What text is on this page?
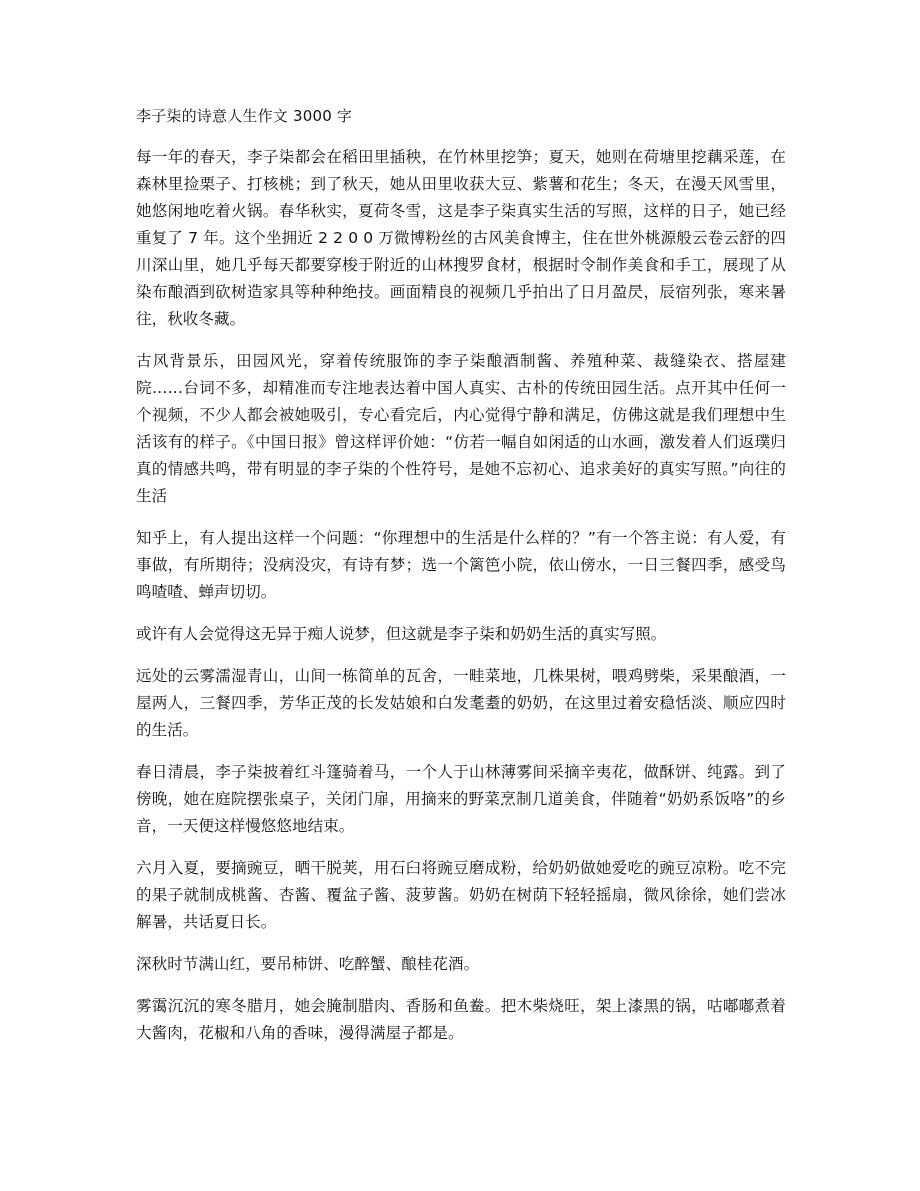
李子柒的诗意人生作文 3000 字

每一年的春天，李子柒都会在稻田里插秧，在竹林里挖笋；夏天，她则在荷塘里挖藕采莲，在森林里捡栗子、打核桃；到了秋天，她从田里收获大豆、紫薯和花生；冬天，在漫天风雪里，她悠闲地吃着火锅。春华秋实，夏荷冬雪，这是李子柒真实生活的写照，这样的日子，她已经重复了 7 年。这个坐拥近 2 2 0 0 万微博粉丝的古风美食博主，住在世外桃源般云卷云舒的四川深山里，她几乎每天都要穿梭于附近的山林搜罗食材，根据时令制作美食和手工，展现了从染布酿酒到砍树造家具等种种绝技。画面精良的视频几乎拍出了日月盈昃，辰宿列张，寒来暑往，秋收冬藏。

古风背景乐，田园风光，穿着传统服饰的李子柒酿酒制酱、养殖种菜、裁缝染衣、搭屋建院……台词不多，却精准而专注地表达着中国人真实、古朴的传统田园生活。点开其中任何一个视频，不少人都会被她吸引，专心看完后，内心觉得宁静和满足，仿佛这就是我们理想中生活该有的样子。《中国日报》曾这样评价她：“仿若一幅自如闲适的山水画，激发着人们返璞归真的情感共鸣，带有明显的李子柒的个性符号，是她不忘初心、追求美好的真实写照。”向往的生活

知乎上，有人提出这样一个问题：“你理想中的生活是什么样的？”有一个答主说：有人爱，有事做，有所期待；没病没灾，有诗有梦；选一个篱笆小院，依山傍水，一日三餐四季，感受鸟鸣喳喳、蝉声切切。

或许有人会觉得这无异于痴人说梦，但这就是李子柒和奶奶生活的真实写照。

远处的云雾濡湿青山，山间一栋简单的瓦舍，一畦菜地，几株果树，喂鸡劈柴，采果酿酒，一屋两人，三餐四季，芳华正茂的长发姑娘和白发耄耋的奶奶，在这里过着安稳恬淡、顺应四时的生活。

春日清晨，李子柒披着红斗篷骑着马，一个人于山林薄雾间采摘辛夷花，做酥饼、纯露。到了傍晚，她在庭院摆张桌子，关闭门扉，用摘来的野菜烹制几道美食，伴随着“奶奶系饭咯”的乡音，一天便这样慢悠悠地结束。

六月入夏，要摘豌豆，晒干脱荚，用石臼将豌豆磨成粉，给奶奶做她爱吃的豌豆凉粉。吃不完的果子就制成桃酱、杏酱、覆盆子酱、菠萝酱。奶奶在树荫下轻轻摇扇，微风徐徐，她们尝冰解暑，共话夏日长。

深秋时节满山红，要吊柿饼、吃醉蟹、酿桂花酒。

雾霭沉沉的寒冬腊月，她会腌制腊肉、香肠和鱼鲞。把木柴烧旺，架上漆黑的锅，咕嘟嘟煮着大酱肉，花椒和八角的香味，漫得满屋子都是。
